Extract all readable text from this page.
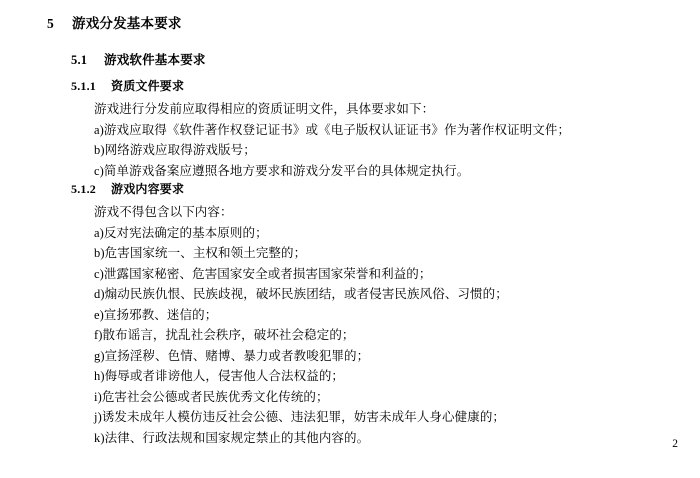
5 游戏分发基本要求
5.1 游戏软件基本要求
5.1.1 资质文件要求
游戏进行分发前应取得相应的资质证明文件，具体要求如下：
a)游戏应取得《软件著作权登记证书》或《电子版权认证证书》作为著作权证明文件；
b)网络游戏应取得游戏版号；
c)简单游戏备案应遵照各地方要求和游戏分发平台的具体规定执行。
5.1.2 游戏内容要求
游戏不得包含以下内容：
a)反对宪法确定的基本原则的；
b)危害国家统一、主权和领土完整的；
c)泄露国家秘密、危害国家安全或者损害国家荣誉和利益的；
d)煽动民族仇恨、民族歧视，破坏民族团结，或者侵害民族风俗、习惯的；
e)宣扬邪教、迷信的；
f)散布谣言，扰乱社会秩序，破坏社会稳定的；
g)宣扬淫秽、色情、赌博、暴力或者教唆犯罪的；
h)侮辱或者诽谤他人，侵害他人合法权益的；
i)危害社会公德或者民族优秀文化传统的；
j)诱发未成年人模仿违反社会公德、违法犯罪，妨害未成年人身心健康的；
k)法律、行政法规和国家规定禁止的其他内容的。	2
